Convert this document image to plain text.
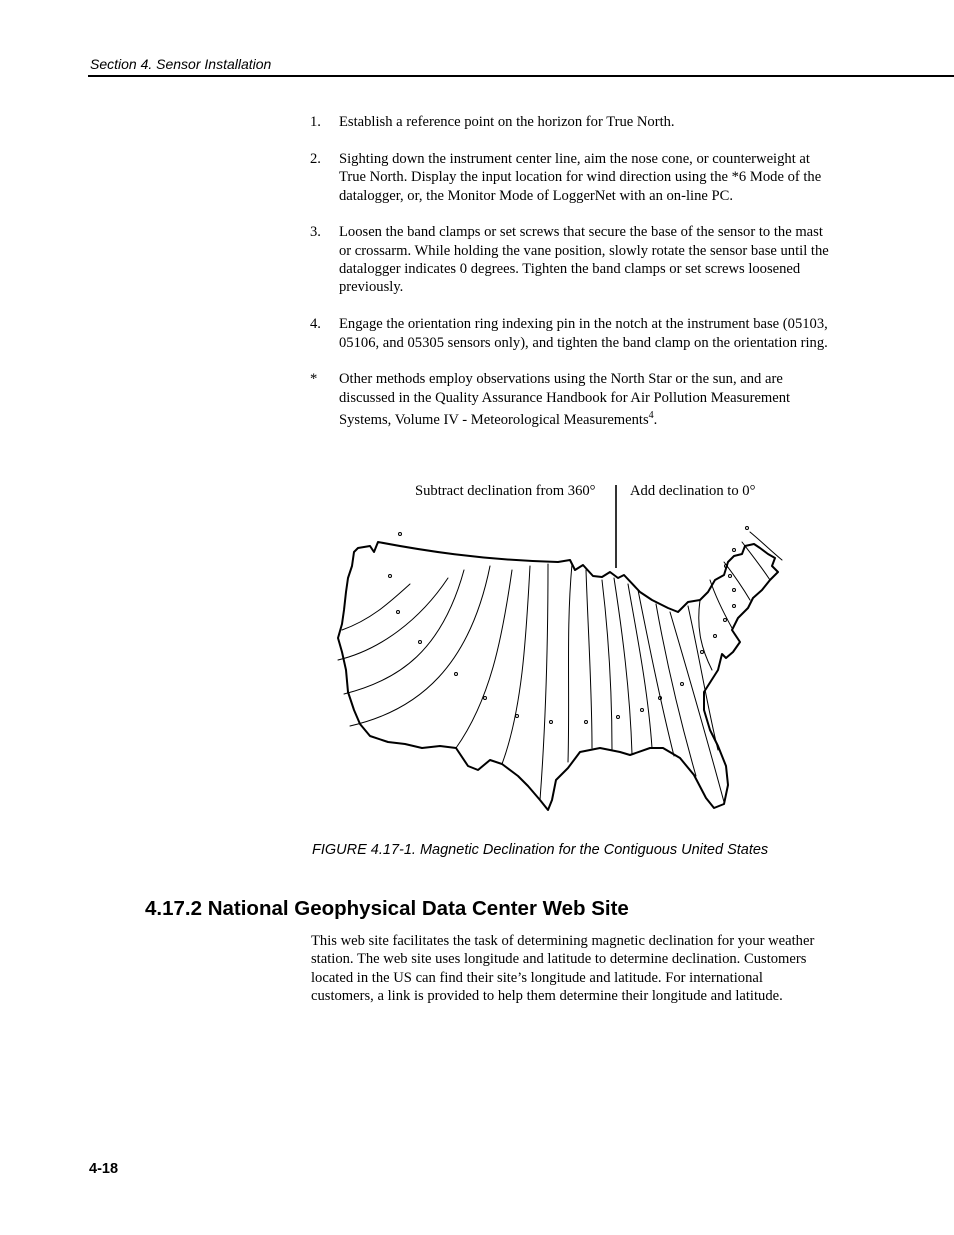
Section 4. Sensor Installation
1.	Establish a reference point on the horizon for True North.
2.	Sighting down the instrument center line, aim the nose cone, or counterweight at True North. Display the input location for wind direction using the *6 Mode of the datalogger, or, the Monitor Mode of LoggerNet with an on-line PC.
3.	Loosen the band clamps or set screws that secure the base of the sensor to the mast or crossarm. While holding the vane position, slowly rotate the sensor base until the datalogger indicates 0 degrees. Tighten the band clamps or set screws loosened previously.
4.	Engage the orientation ring indexing pin in the notch at the instrument base (05103, 05106, and 05305 sensors only), and tighten the band clamp on the orientation ring.
*	Other methods employ observations using the North Star or the sun, and are discussed in the Quality Assurance Handbook for Air Pollution Measurement Systems, Volume IV - Meteorological Measurements$^4$.
Subtract declination from 360° Add declination to 0°
FIGURE 4.17-1. Magnetic Declination for the Contiguous United States
4.17.2 National Geophysical Data Center Web Site

This web site facilitates the task of determining magnetic declination for your weather station. The web site uses longitude and latitude to determine declination. Customers located in the US can find their site’s longitude and latitude. For international customers, a link is provided to help them determine their longitude and latitude.

4-18
